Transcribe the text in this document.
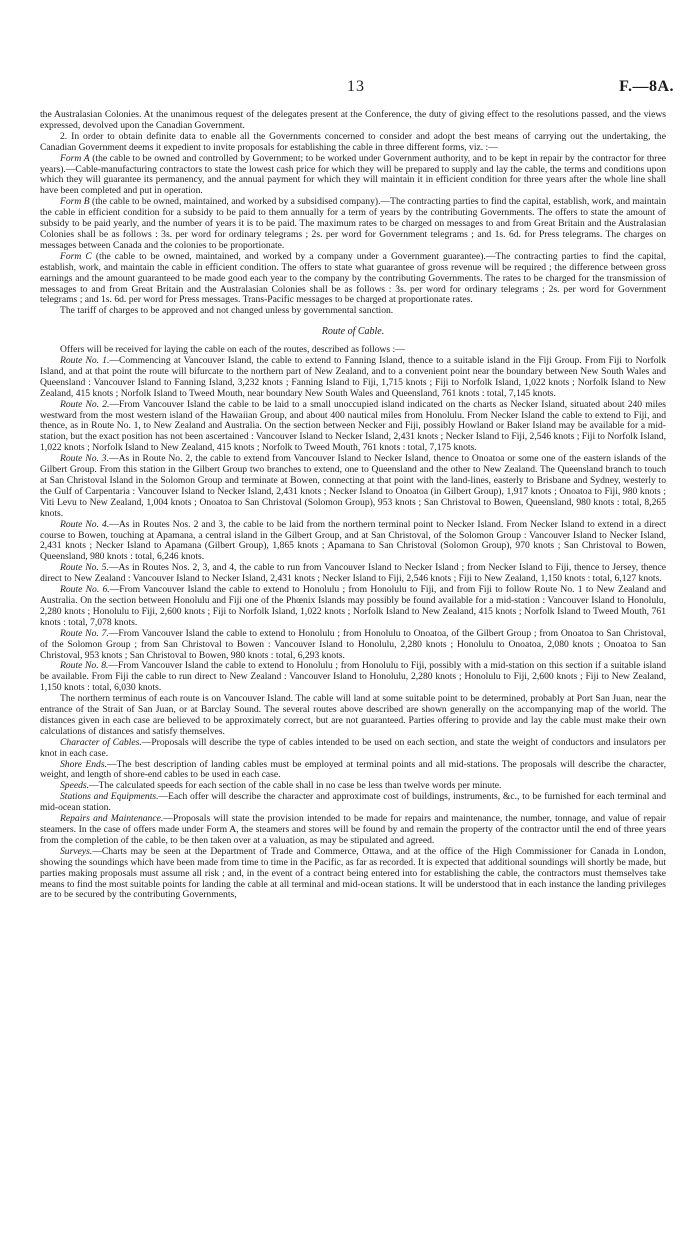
13	F.—8A.

the Australasian Colonies. At the unanimous request of the delegates present at the Conference, the duty of giving effect to the resolutions passed, and the views expressed, devolved upon the Canadian Government.

2. In order to obtain definite data to enable all the Governments concerned to consider and adopt the best means of carrying out the undertaking, the Canadian Government deems it expedient to invite proposals for establishing the cable in three different forms, viz. :—

Form A (the cable to be owned and controlled by Government; to be worked under Government authority, and to be kept in repair by the contractor for three years).—Cable-manufacturing contractors to state the lowest cash price for which they will be prepared to supply and lay the cable, the terms and conditions upon which they will guarantee its permanency, and the annual payment for which they will maintain it in efficient condition for three years after the whole line shall have been completed and put in operation.

Form B (the cable to be owned, maintained, and worked by a subsidised company).—The contracting parties to find the capital, establish, work, and maintain the cable in efficient condition for a subsidy to be paid to them annually for a term of years by the contributing Governments. The offers to state the amount of subsidy to be paid yearly, and the number of years it is to be paid. The maximum rates to be charged on messages to and from Great Britain and the Australasian Colonies shall be as follows : 3s. per word for ordinary telegrams ; 2s. per word for Government telegrams ; and 1s. 6d. for Press telegrams. The charges on messages between Canada and the colonies to be proportionate.

Form C (the cable to be owned, maintained, and worked by a company under a Government guarantee).—The contracting parties to find the capital, establish, work, and maintain the cable in efficient condition. The offers to state what guarantee of gross revenue will be required ; the difference between gross earnings and the amount guaranteed to be made good each year to the company by the contributing Governments. The rates to be charged for the transmission of messages to and from Great Britain and the Australasian Colonies shall be as follows : 3s. per word for ordinary telegrams ; 2s. per word for Government telegrams ; and 1s. 6d. per word for Press messages. Trans-Pacific messages to be charged at proportionate rates.

The tariff of charges to be approved and not changed unless by governmental sanction.

Route of Cable.

Offers will be received for laying the cable on each of the routes, described as follows :—

Route No. 1.—Commencing at Vancouver Island, the cable to extend to Fanning Island, thence to a suitable island in the Fiji Group. From Fiji to Norfolk Island, and at that point the route will bifurcate to the northern part of New Zealand, and to a convenient point near the boundary between New South Wales and Queensland : Vancouver Island to Fanning Island, 3,232 knots ; Fanning Island to Fiji, 1,715 knots ; Fiji to Norfolk Island, 1,022 knots ; Norfolk Island to New Zealand, 415 knots ; Norfolk Island to Tweed Mouth, near boundary New South Wales and Queensland, 761 knots : total, 7,145 knots.

Route No. 2.—From Vancouver Island the cable to be laid to a small unoccupied island indicated on the charts as Necker Island, situated about 240 miles westward from the most western island of the Hawaiian Group, and about 400 nautical miles from Honolulu. From Necker Island the cable to extend to Fiji, and thence, as in Route No. 1, to New Zealand and Australia. On the section between Necker and Fiji, possibly Howland or Baker Island may be available for a mid-station, but the exact position has not been ascertained : Vancouver Island to Necker Island, 2,431 knots ; Necker Island to Fiji, 2,546 knots ; Fiji to Norfolk Island, 1,022 knots ; Norfolk Island to New Zealand, 415 knots ; Norfolk to Tweed Mouth, 761 knots : total, 7,175 knots.

Route No. 3.—As in Route No. 2, the cable to extend from Vancouver Island to Necker Island, thence to Onoatoa or some one of the eastern islands of the Gilbert Group. From this station in the Gilbert Group two branches to extend, one to Queensland and the other to New Zealand. The Queensland branch to touch at San Christoval Island in the Solomon Group and terminate at Bowen, connecting at that point with the land-lines, easterly to Brisbane and Sydney, westerly to the Gulf of Carpentaria : Vancouver Island to Necker Island, 2,431 knots ; Necker Island to Onoatoa (in Gilbert Group), 1,917 knots ; Onoatoa to Fiji, 980 knots ; Viti Levu to New Zealand, 1,004 knots ; Onoatoa to San Christoval (Solomon Group), 953 knots ; San Christoval to Bowen, Queensland, 980 knots : total, 8,265 knots.

Route No. 4.—As in Routes Nos. 2 and 3, the cable to be laid from the northern terminal point to Necker Island. From Necker Island to extend in a direct course to Bowen, touching at Apamana, a central island in the Gilbert Group, and at San Christoval, of the Solomon Group : Vancouver Island to Necker Island, 2,431 knots ; Necker Island to Apamana (Gilbert Group), 1,865 knots ; Apamana to San Christoval (Solomon Group), 970 knots ; San Christoval to Bowen, Queensland, 980 knots : total, 6,246 knots.

Route No. 5.—As in Routes Nos. 2, 3, and 4, the cable to run from Vancouver Island to Necker Island ; from Necker Island to Fiji, thence to Jersey, thence direct to New Zealand : Vancouver Island to Necker Island, 2,431 knots ; Necker Island to Fiji, 2,546 knots ; Fiji to New Zealand, 1,150 knots : total, 6,127 knots.

Route No. 6.—From Vancouver Island the cable to extend to Honolulu ; from Honolulu to Fiji, and from Fiji to follow Route No. 1 to New Zealand and Australia. On the section between Honolulu and Fiji one of the Phœnix Islands may possibly be found available for a mid-station : Vancouver Island to Honolulu, 2,280 knots ; Honolulu to Fiji, 2,600 knots ; Fiji to Norfolk Island, 1,022 knots ; Norfolk Island to New Zealand, 415 knots ; Norfolk Island to Tweed Mouth, 761 knots : total, 7,078 knots.

Route No. 7.—From Vancouver Island the cable to extend to Honolulu ; from Honolulu to Onoatoa, of the Gilbert Group ; from Onoatoa to San Christoval, of the Solomon Group ; from San Christoval to Bowen : Vancouver Island to Honolulu, 2,280 knots ; Honolulu to Onoatoa, 2,080 knots ; Onoatoa to San Christoval, 953 knots ; San Christoval to Bowen, 980 knots : total, 6,293 knots.

Route No. 8.—From Vancouver Island the cable to extend to Honolulu ; from Honolulu to Fiji, possibly with a mid-station on this section if a suitable island be available. From Fiji the cable to run direct to New Zealand : Vancouver Island to Honolulu, 2,280 knots ; Honolulu to Fiji, 2,600 knots ; Fiji to New Zealand, 1,150 knots : total, 6,030 knots.

The northern terminus of each route is on Vancouver Island. The cable will land at some suitable point to be determined, probably at Port San Juan, near the entrance of the Strait of San Juan, or at Barclay Sound. The several routes above described are shown generally on the accompanying map of the world. The distances given in each case are believed to be approximately correct, but are not guaranteed. Parties offering to provide and lay the cable must make their own calculations of distances and satisfy themselves.

Character of Cables.—Proposals will describe the type of cables intended to be used on each section, and state the weight of conductors and insulators per knot in each case.

Shore Ends.—The best description of landing cables must be employed at terminal points and all mid-stations. The proposals will describe the character, weight, and length of shore-end cables to be used in each case.

Speeds.—The calculated speeds for each section of the cable shall in no case be less than twelve words per minute.

Stations and Equipments.—Each offer will describe the character and approximate cost of buildings, instruments, &c., to be furnished for each terminal and mid-ocean station.

Repairs and Maintenance.—Proposals will state the provision intended to be made for repairs and maintenance, the number, tonnage, and value of repair steamers. In the case of offers made under Form A, the steamers and stores will be found by and remain the property of the contractor until the end of three years from the completion of the cable, to be then taken over at a valuation, as may be stipulated and agreed.

Surveys.—Charts may be seen at the Department of Trade and Commerce, Ottawa, and at the office of the High Commissioner for Canada in London, showing the soundings which have been made from time to time in the Pacific, as far as recorded. It is expected that additional soundings will shortly be made, but parties making proposals must assume all risk ; and, in the event of a contract being entered into for establishing the cable, the contractors must themselves take means to find the most suitable points for landing the cable at all terminal and mid-ocean stations. It will be understood that in each instance the landing privileges are to be secured by the contributing Governments,
